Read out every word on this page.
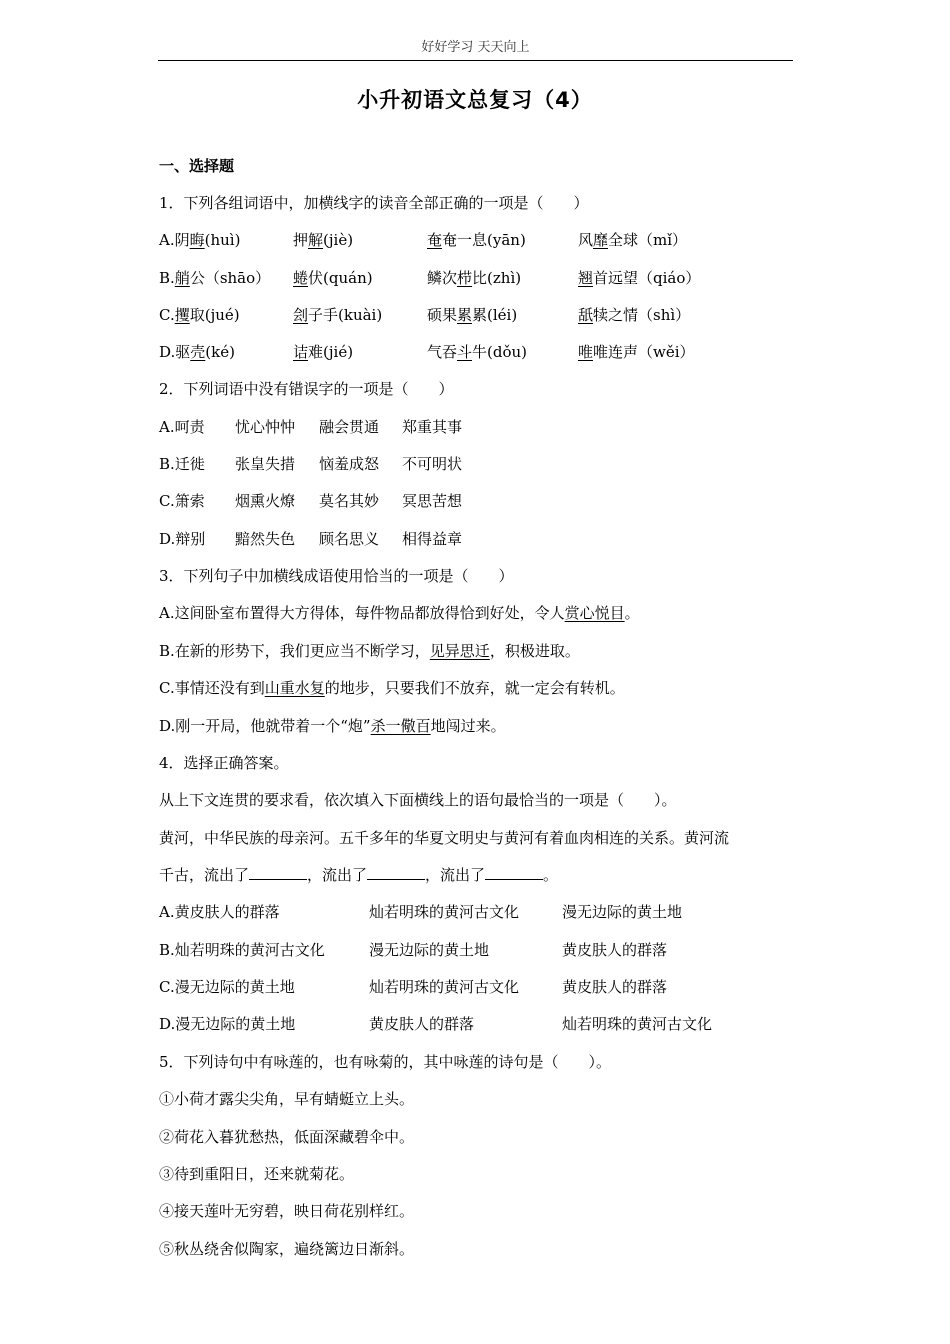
好好学习 天天向上
小升初语文总复习（4）
一、选择题
1．下列各组词语中，加横线字的读音全部正确的一项是（　　）
A.阴晦(huì)	押解(jiè)	奄奄一息(yān)	风靡全球（mǐ）
B.艄公（shāo） 蜷伏(quán)	鳞次栉比(zhì)	翘首远望（qiáo）
C.攫取(jué)	刽子手(kuài)	硕果累累(léi)	舐犊之情（shì）
D.驱壳(ké)	诘难(jié)	气吞斗牛(dǒu)	唯唯连声（wěi）
2．下列词语中没有错误字的一项是（　　）
A.呵责 忧心忡忡 融会贯通 郑重其事
B.迁徙 张皇失措 恼羞成怒 不可明状
C.箫索 烟熏火燎 莫名其妙 冥思苦想
D.辩别 黯然失色 顾名思义 相得益章
3．下列句子中加横线成语使用恰当的一项是（　　）
A.这间卧室布置得大方得体，每件物品都放得恰到好处，令人赏心悦目。
B.在新的形势下，我们更应当不断学习，见异思迁，积极进取。
C.事情还没有到山重水复的地步，只要我们不放弃，就一定会有转机。
D.刚一开局，他就带着一个“炮”杀一儆百地闯过来。
4．选择正确答案。
从上下文连贯的要求看，依次填入下面横线上的语句最恰当的一项是（　　）。
黄河，中华民族的母亲河。五千多年的华夏文明史与黄河有着血肉相连的关系。黄河流
千古，流出了	，流出了	，流出了	。
A.黄皮肤人的群落	灿若明珠的黄河古文化	漫无边际的黄土地
B.灿若明珠的黄河古文化	漫无边际的黄土地	黄皮肤人的群落
C.漫无边际的黄土地	灿若明珠的黄河古文化	黄皮肤人的群落
D.漫无边际的黄土地	黄皮肤人的群落	灿若明珠的黄河古文化
5．下列诗句中有咏莲的，也有咏菊的，其中咏莲的诗句是（　　）。
①小荷才露尖尖角，早有蜻蜓立上头。
②荷花入暮犹愁热，低面深藏碧伞中。
③待到重阳日，还来就菊花。
④接天莲叶无穷碧，映日荷花别样红。
⑤秋丛绕舍似陶家，遍绕篱边日渐斜。
